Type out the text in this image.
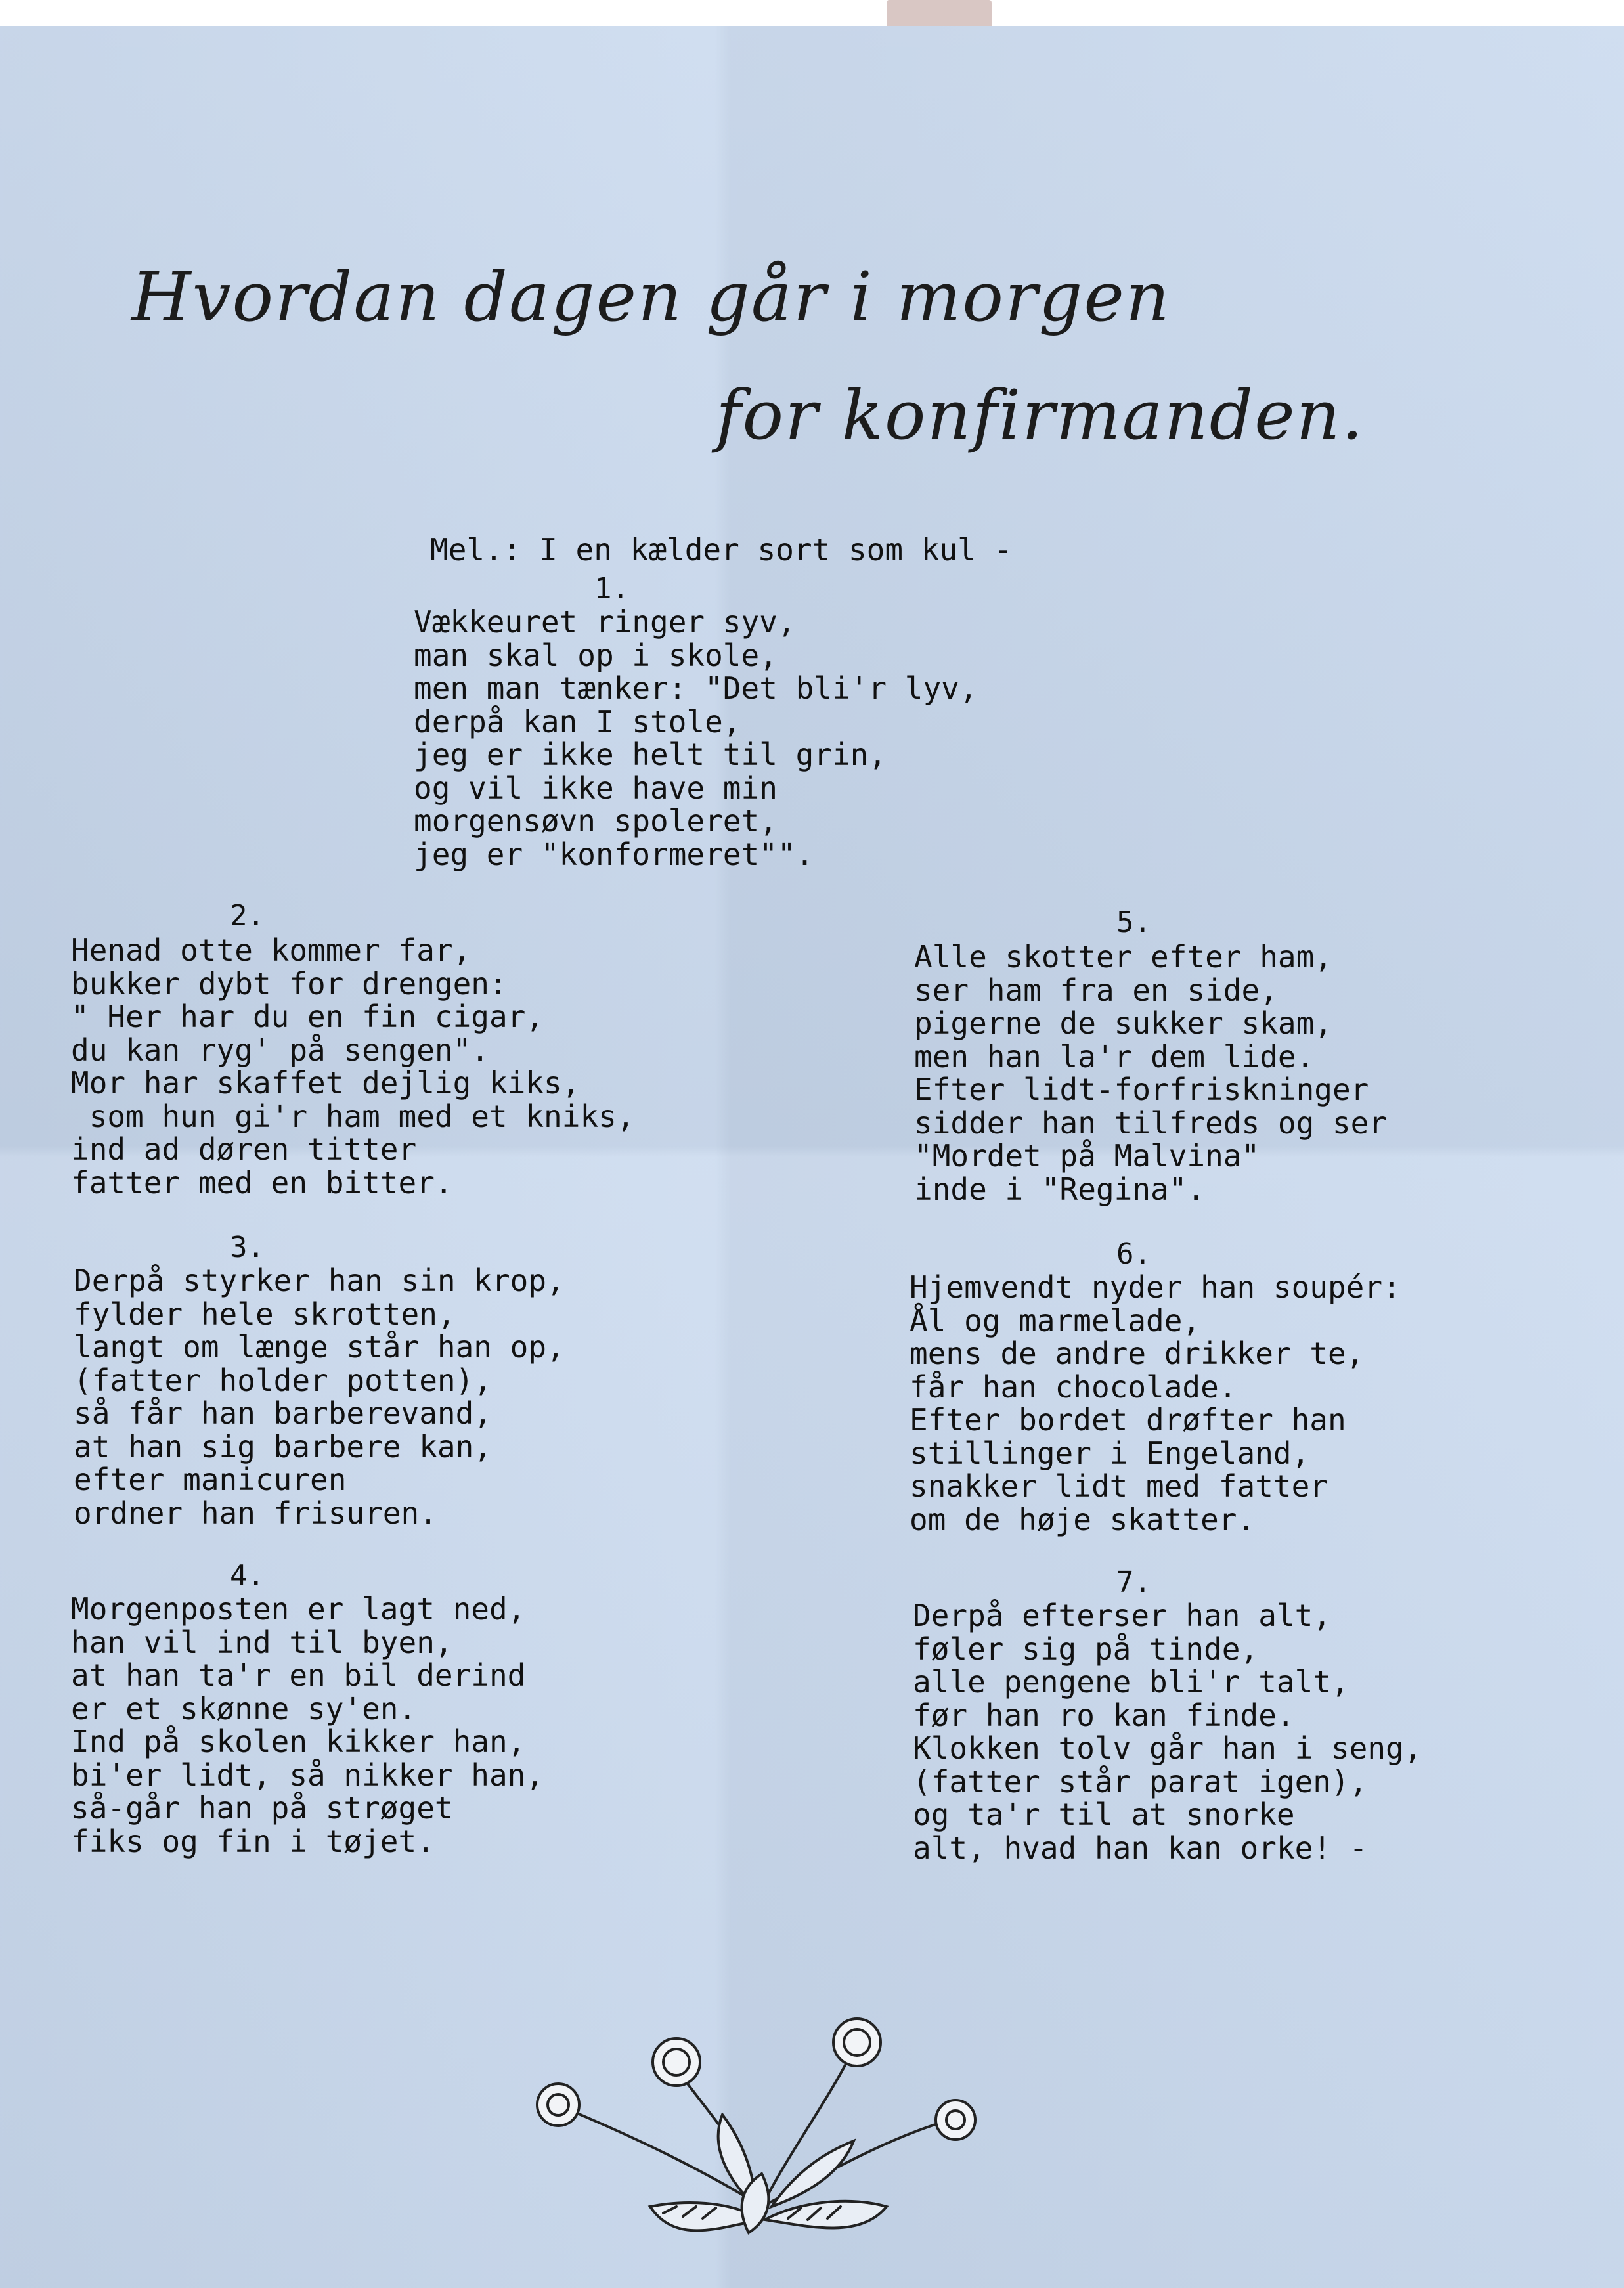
Hvordan dagen går i morgen
for konfirmanden.

Mel.: I en kælder sort som kul -

1.

Vækkeuret ringer syv,
man skal op i skole,
men man tænker: "Det bli'r lyv,
derpå kan I stole,
jeg er ikke helt til grin,
og vil ikke have min
morgensøvn spoleret,
jeg er "konformeret"".

2.

Henad otte kommer far,
bukker dybt for drengen:
" Her har du en fin cigar,
du kan ryg' på sengen".
Mor har skaffet dejlig kiks,
som hun gi'r ham med et kniks,
ind ad døren titter
fatter med en bitter.

3.

Derpå styrker han sin krop,
fylder hele skrotten,
langt om længe står han op,
(fatter holder potten),
så får han barberevand,
at han sig barbere kan,
efter manicuren
ordner han frisuren.

4.

Morgenposten er lagt ned,
han vil ind til byen,
at han ta'r en bil derind
er et skønne sy'en.
Ind på skolen kikker han,
bi'er lidt, så nikker han,
så-går han på strøget
fiks og fin i tøjet.

5.

Alle skotter efter ham,
ser ham fra en side,
pigerne de sukker skam,
men han la'r dem lide.
Efter lidt-forfriskninger
sidder han tilfreds og ser
"Mordet på Malvina"
inde i "Regina".

6.

Hjemvendt nyder han soupér:
Ål og marmelade,
mens de andre drikker te,
får han chocolade.
Efter bordet drøfter han
stillinger i Engeland,
snakker lidt med fatter
om de høje skatter.

7.

Derpå efterser han alt,
føler sig på tinde,
alle pengene bli'r talt,
før han ro kan finde.
Klokken tolv går han i seng,
(fatter står parat igen),
og ta'r til at snorke
alt, hvad han kan orke! -
